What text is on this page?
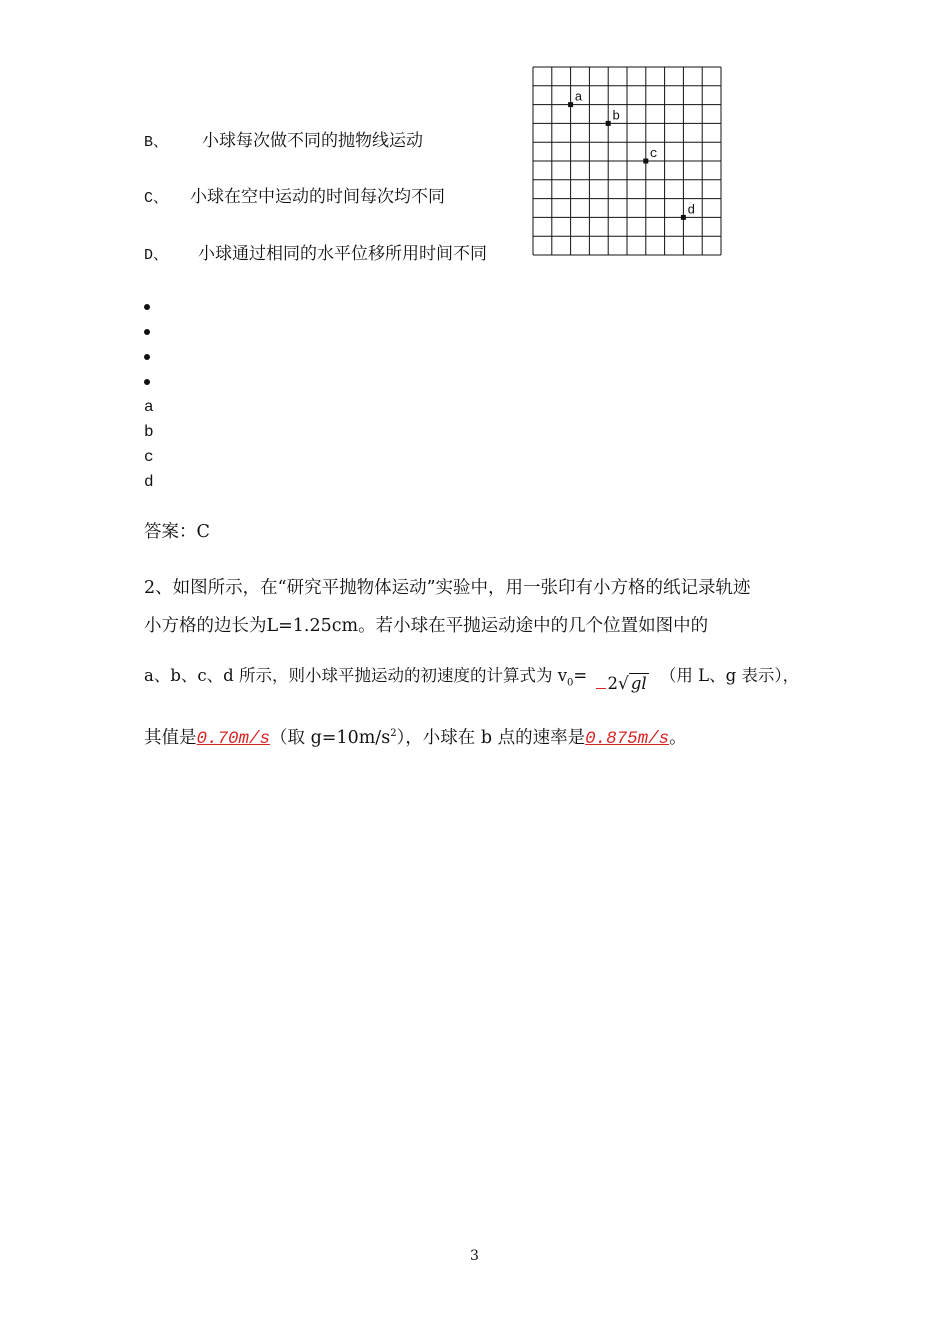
B、 小球每次做不同的抛物线运动
C、 小球在空中运动的时间每次均不同
D、 小球通过相同的水平位移所用时间不同
a
b
c
d
a
b
c
d
答案：C
2、如图所示，在“研究平抛物体运动”实验中，用一张印有小方格的纸记录轨迹
小方格的边长为L=1.25cm。若小球在平抛运动途中的几个位置如图中的
a、b、c、d 所示，则小球平抛运动的初速度的计算式为 $v_0= 2√$ gl （用 L、g 表示），
其值是0.70m/s（取 $g=10m/s^2$），小球在 b 点的速率是0.875m/s。
3
